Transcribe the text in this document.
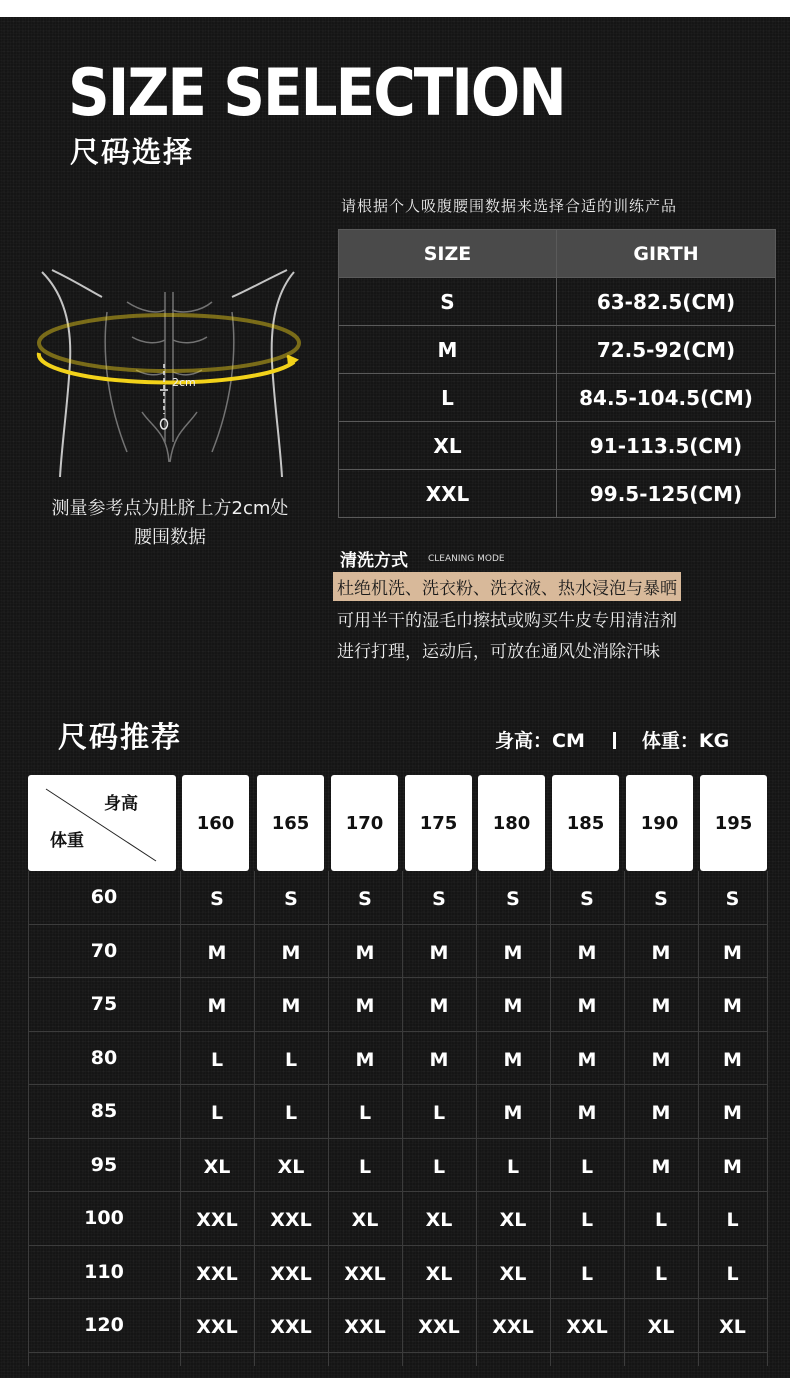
SIZE SELECTION
尺码选择
请根据个人吸腹腰围数据来选择合适的训练产品
2cm
测量参考点为肚脐上方2cm处
腰围数据
SIZE	GIRTH
S	63-82.5(CM)
M	72.5-92(CM)
L	84.5-104.5(CM)
XL	91-113.5(CM)
XXL	99.5-125(CM)
清洗方式 CLEANING MODE
杜绝机洗、洗衣粉、洗衣液、热水浸泡与暴晒
可用半干的湿毛巾擦拭或购买牛皮专用清洁剂
进行打理，运动后，可放在通风处消除汗味
尺码推荐	身高：CM	体重：KG
身高
体重
160	165	170	175	180	185	190	195
60	S	S	S	S	S	S	S	S
70	M	M	M	M	M	M	M	M
75	M	M	M	M	M	M	M	M
80	L	L	M	M	M	M	M	M
85	L	L	L	L	M	M	M	M
95	XL	XL	L	L	L	L	M	M
100	XXL	XXL	XL	XL	XL	L	L	L
110	XXL	XXL	XXL	XL	XL	L	L	L
120	XXL	XXL	XXL	XXL	XXL	XXL	XL	XL
